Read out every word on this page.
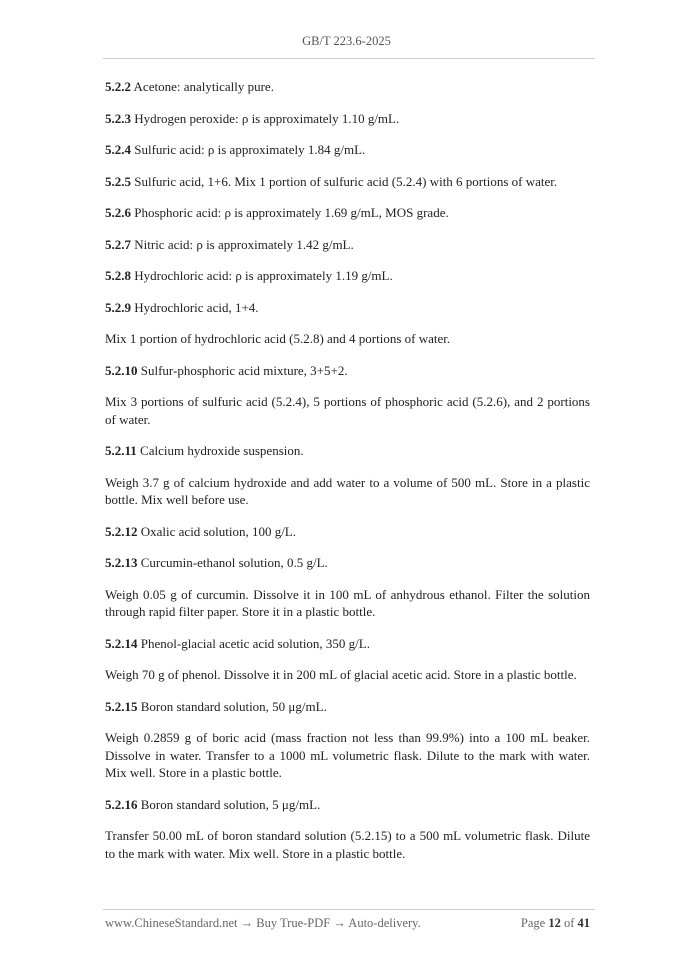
GB/T 223.6-2025

5.2.2 Acetone: analytically pure.

5.2.3 Hydrogen peroxide: ρ is approximately 1.10 g/mL.

5.2.4 Sulfuric acid: ρ is approximately 1.84 g/mL.

5.2.5 Sulfuric acid, 1+6. Mix 1 portion of sulfuric acid (5.2.4) with 6 portions of water.

5.2.6 Phosphoric acid: ρ is approximately 1.69 g/mL, MOS grade.

5.2.7 Nitric acid: ρ is approximately 1.42 g/mL.

5.2.8 Hydrochloric acid: ρ is approximately 1.19 g/mL.

5.2.9 Hydrochloric acid, 1+4.

Mix 1 portion of hydrochloric acid (5.2.8) and 4 portions of water.

5.2.10 Sulfur-phosphoric acid mixture, 3+5+2.

Mix 3 portions of sulfuric acid (5.2.4), 5 portions of phosphoric acid (5.2.6), and 2 portions of water.

5.2.11 Calcium hydroxide suspension.

Weigh 3.7 g of calcium hydroxide and add water to a volume of 500 mL. Store in a plastic bottle. Mix well before use.

5.2.12 Oxalic acid solution, 100 g/L.

5.2.13 Curcumin-ethanol solution, 0.5 g/L.

Weigh 0.05 g of curcumin. Dissolve it in 100 mL of anhydrous ethanol. Filter the solution through rapid filter paper. Store it in a plastic bottle.

5.2.14 Phenol-glacial acetic acid solution, 350 g/L.

Weigh 70 g of phenol. Dissolve it in 200 mL of glacial acetic acid. Store in a plastic bottle.

5.2.15 Boron standard solution, 50 μg/mL.

Weigh 0.2859 g of boric acid (mass fraction not less than 99.9%) into a 100 mL beaker. Dissolve in water. Transfer to a 1000 mL volumetric flask. Dilute to the mark with water. Mix well. Store in a plastic bottle.

5.2.16 Boron standard solution, 5 μg/mL.

Transfer 50.00 mL of boron standard solution (5.2.15) to a 500 mL volumetric flask. Dilute to the mark with water. Mix well. Store in a plastic bottle.

www.ChineseStandard.net → Buy True-PDF → Auto-delivery.	Page 12 of 41
